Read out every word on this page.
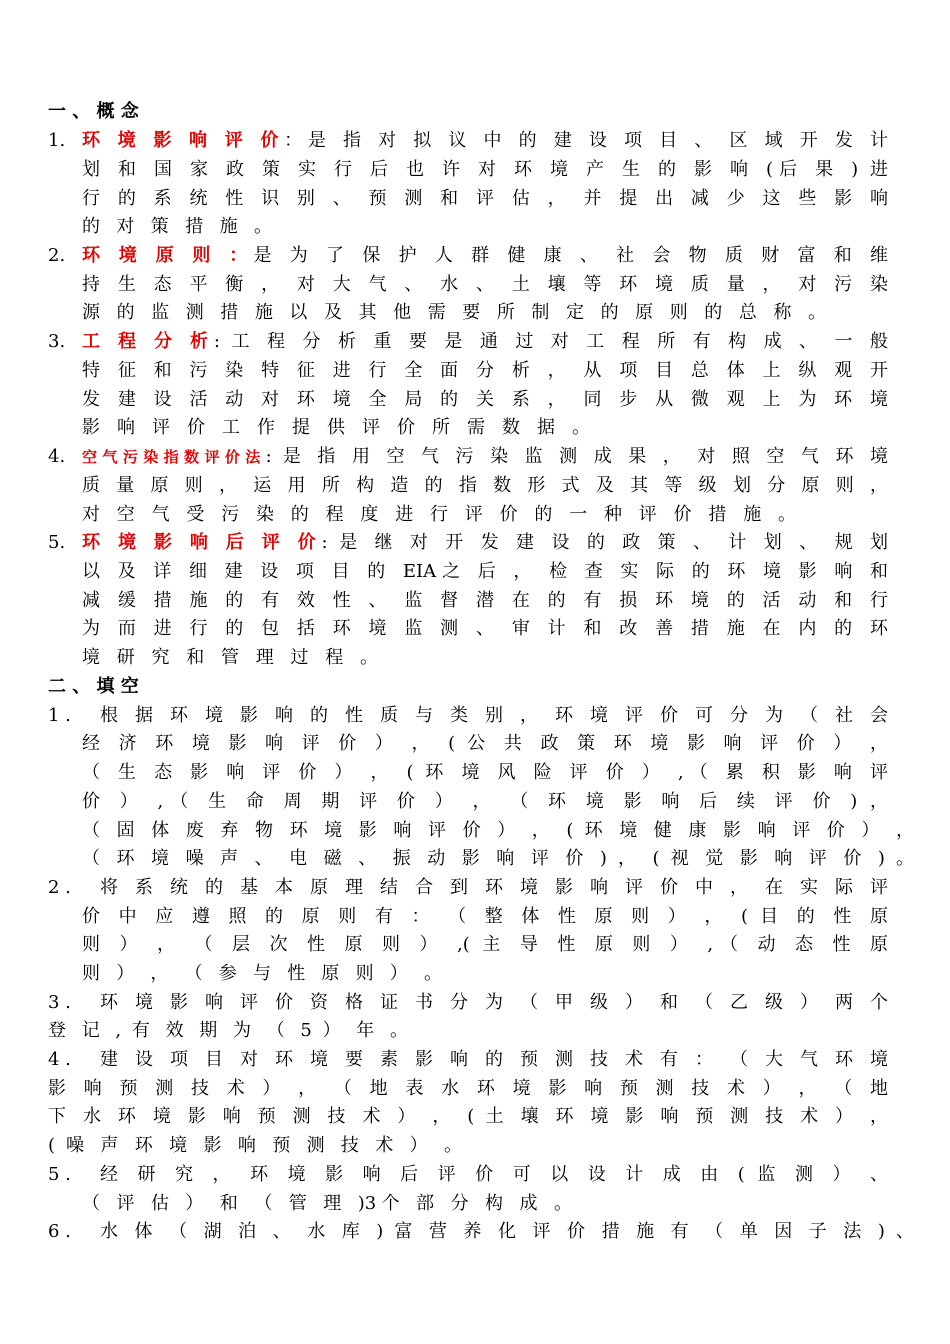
一 、 概 念
1. 环 境 影 响 评 价：是 指 对 拟 议 中 的 建 设 项 目 、 区 域 开 发 计
划 和 国 家 政 策 实 行 后 也 许 对 环 境 产 生 的 影 响 (后 果 ) 进
行 的 系 统 性 识 别 、 预 测 和 评 估 ， 并 提 出 减 少 这 些 影 响
的 对 策 措 施 。
2. 环 境 原 则 ：是 为 了 保 护 人 群 健 康 、 社 会 物 质 财 富 和 维
持 生 态 平 衡 ， 对 大 气 、 水 、 土 壤 等 环 境 质 量 ， 对 污 染
源 的 监 测 措 施 以 及 其 他 需 要 所 制 定 的 原 则 的 总 称 。
3. 工 程 分 析: 工 程 分 析 重 要 是 通 过 对 工 程 所 有 构 成 、 一 般
特 征 和 污 染 特 征 进 行 全 面 分 析 ， 从 项 目 总 体 上 纵 观 开
发 建 设 活 动 对 环 境 全 局 的 关 系 ， 同 步 从 微 观 上 为 环 境
影 响 评 价 工 作 提 供 评 价 所 需 数 据 。
4. 空气污染指数评价法: 是 指 用 空 气 污 染 监 测 成 果 ， 对 照 空 气 环 境
质 量 原 则 ， 运 用 所 构 造 的 指 数 形 式 及 其 等 级 划 分 原 则 ，
对 空 气 受 污 染 的 程 度 进 行 评 价 的 一 种 评 价 措 施 。
5. 环 境 影 响 后 评 价: 是 继 对 开 发 建 设 的 政 策 、 计 划 、 规 划
以 及 详 细 建 设 项 目 的 EIA之 后 ， 检 查 实 际 的 环 境 影 响 和
减 缓 措 施 的 有 效 性 、 监 督 潜 在 的 有 损 环 境 的 活 动 和 行
为 而 进 行 的 包 括 环 境 监 测 、 审 计 和 改 善 措 施 在 内 的 环
境 研 究 和 管 理 过 程 。
二 、 填 空
1 . 根 据 环 境 影 响 的 性 质 与 类 别 ， 环 境 评 价 可 分 为 （ 社 会
经 济 环 境 影 响 评 价 ） ， ( 公 共 政 策 环 境 影 响 评 价 ） ，
（ 生 态 影 响 评 价 ） ， ( 环 境 风 险 评 价 ） ,（ 累 积 影 响 评
价 ） ,（ 生 命 周 期 评 价 ） ， （ 环 境 影 响 后 续 评 价 ) ，
（ 固 体 废 弃 物 环 境 影 响 评 价 ） ， ( 环 境 健 康 影 响 评 价 ） ，
（ 环 境 噪 声 、 电 磁 、 振 动 影 响 评 价 ) ， ( 视 觉 影 响 评 价 ) 。
2 . 将 系 统 的 基 本 原 理 结 合 到 环 境 影 响 评 价 中 ， 在 实 际 评
价 中 应 遵 照 的 原 则 有 ： （ 整 体 性 原 则 ） ， ( 目 的 性 原
则 ） ， （ 层 次 性 原 则 ） ,( 主 导 性 原 则 ） ,（ 动 态 性 原
则 ） ， （ 参 与 性 原 则 ） 。
3 . 环 境 影 响 评 价 资 格 证 书 分 为 （ 甲 级 ） 和 （ 乙 级 ） 两 个
登 记 , 有 效 期 为 （ 5 ） 年 。
4 . 建 设 项 目 对 环 境 要 素 影 响 的 预 测 技 术 有 ： （ 大 气 环 境
影 响 预 测 技 术 ） ， （ 地 表 水 环 境 影 响 预 测 技 术 ） ， （ 地
下 水 环 境 影 响 预 测 技 术 ） ， ( 土 壤 环 境 影 响 预 测 技 术 ） ，
( 噪 声 环 境 影 响 预 测 技 术 ） 。
5 . 经 研 究 ， 环 境 影 响 后 评 价 可 以 设 计 成 由 ( 监 测 ） 、
（ 评 估 ） 和 （ 管 理 )3个 部 分 构 成 。
6 . 水 体 （ 湖 泊 、 水 库 ) 富 营 养 化 评 价 措 施 有 （ 单 因 子 法 ) 、
